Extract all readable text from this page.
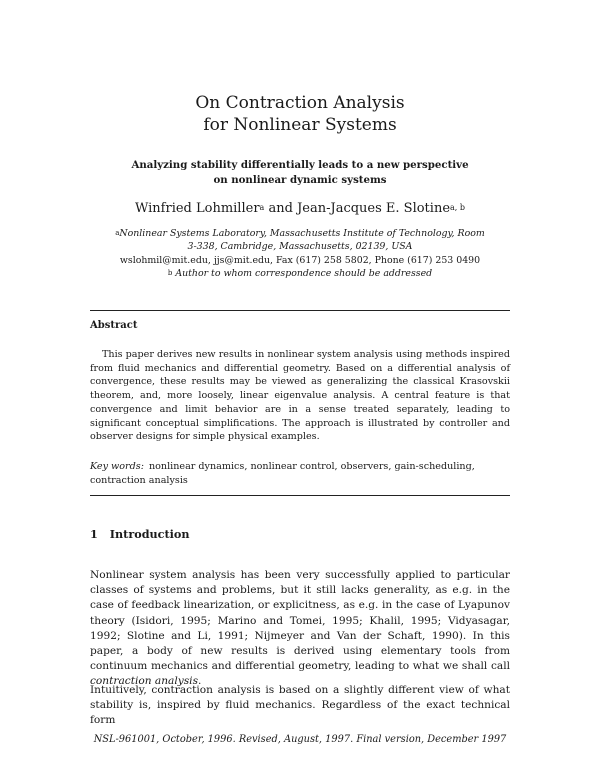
On Contraction Analysis
for Nonlinear Systems
Analyzing stability differentially leads to a new perspective
on nonlinear dynamic systems
Winfried Lohmiller$^a$ and Jean-Jacques E. Slotine$^{a, b}$
$^a$Nonlinear Systems Laboratory, Massachusetts Institute of Technology, Room
3-338, Cambridge, Massachusetts, 02139, USA
wslohmil@mit.edu, jjs@mit.edu, Fax (617) 258 5802, Phone (617) 253 0490
$^b$ Author to whom correspondence should be addressed
Abstract
This paper derives new results in nonlinear system analysis using methods inspired from fluid mechanics and differential geometry. Based on a differential analysis of convergence, these results may be viewed as generalizing the classical Krasovskii theorem, and, more loosely, linear eigenvalue analysis. A central feature is that convergence and limit behavior are in a sense treated separately, leading to significant conceptual simplifications. The approach is illustrated by controller and observer designs for simple physical examples.
Key words: nonlinear dynamics, nonlinear control, observers, gain-scheduling, contraction analysis
1 Introduction
Nonlinear system analysis has been very successfully applied to particular classes of systems and problems, but it still lacks generality, as e.g. in the case of feedback linearization, or explicitness, as e.g. in the case of Lyapunov theory (Isidori, 1995; Marino and Tomei, 1995; Khalil, 1995; Vidyasagar, 1992; Slotine and Li, 1991; Nijmeyer and Van der Schaft, 1990). In this paper, a body of new results is derived using elementary tools from continuum mechanics and differential geometry, leading to what we shall call contraction analysis.
Intuitively, contraction analysis is based on a slightly different view of what stability is, inspired by fluid mechanics. Regardless of the exact technical form
NSL-961001, October, 1996. Revised, August, 1997. Final version, December 1997
